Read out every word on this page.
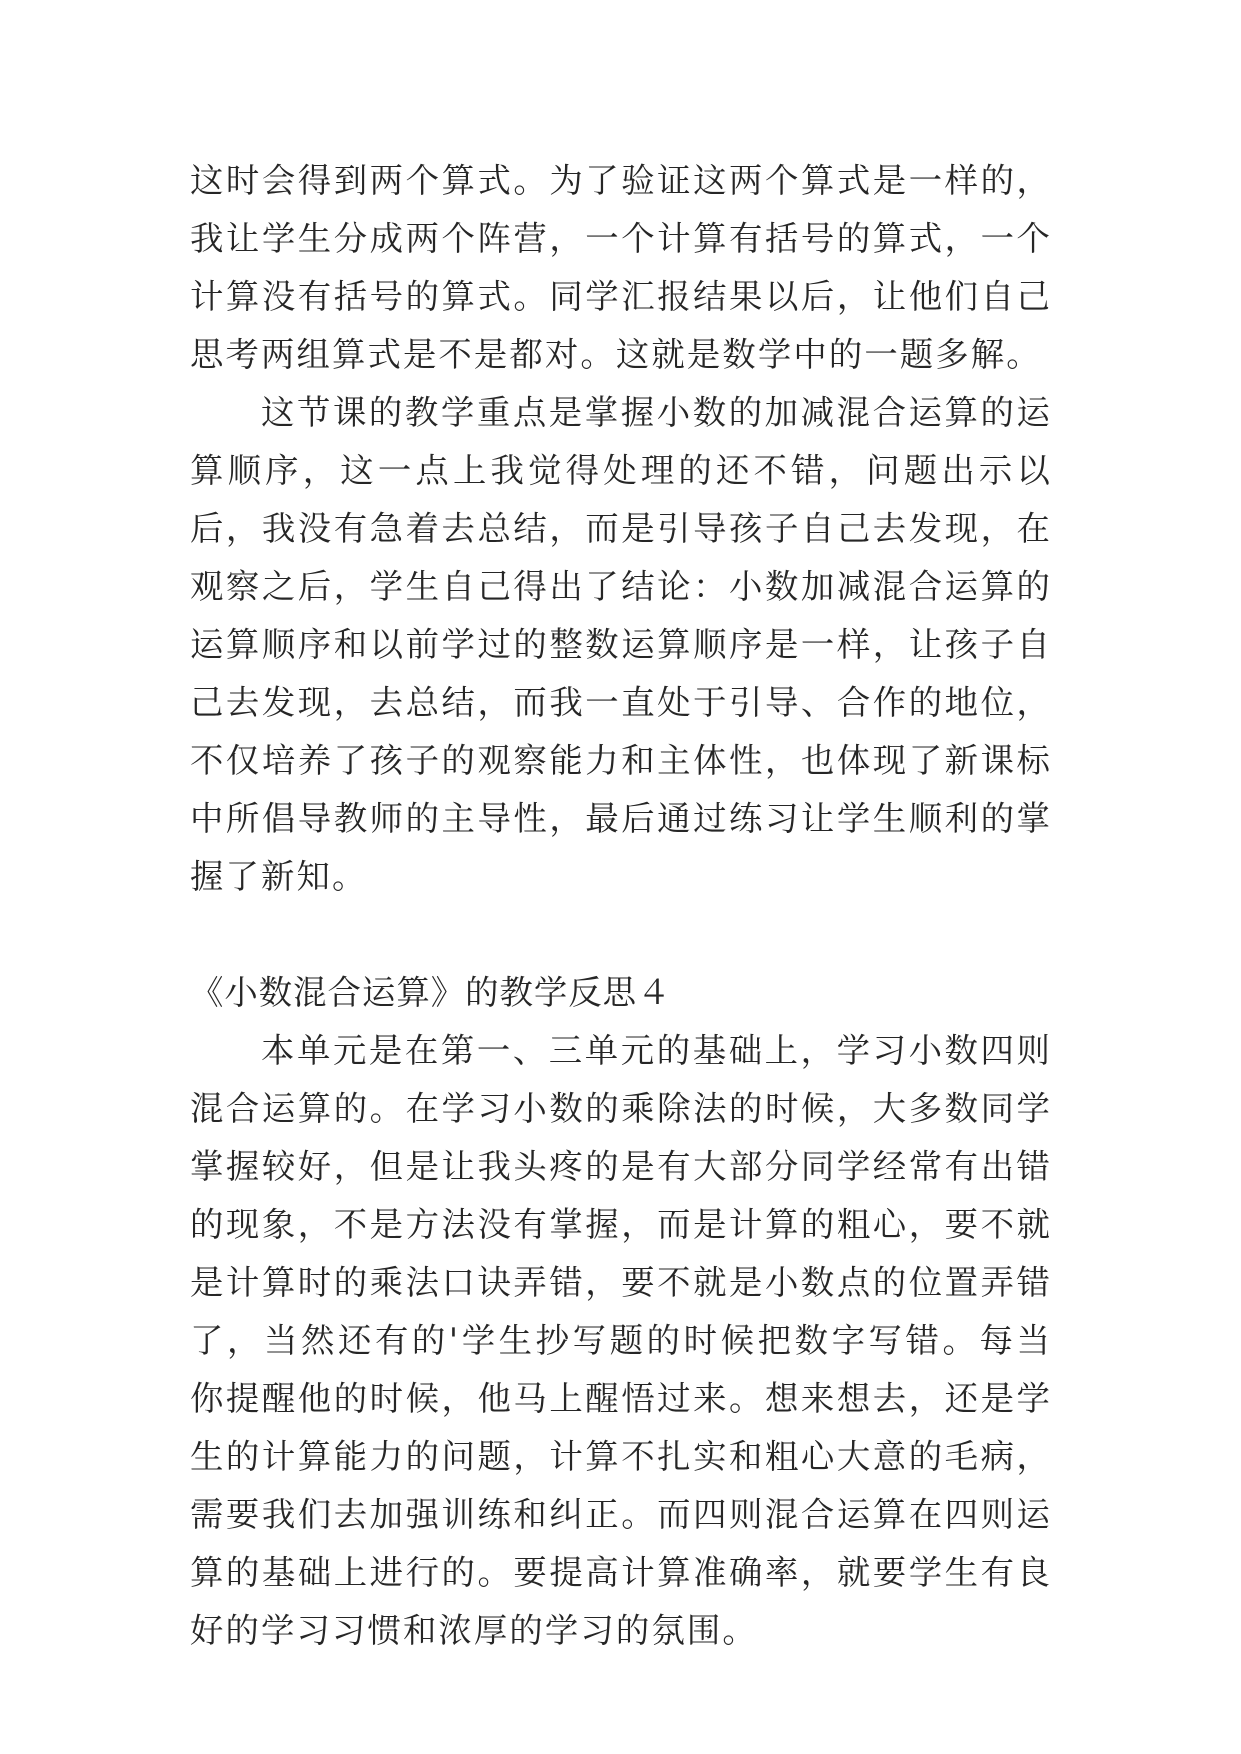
这时会得到两个算式。为了验证这两个算式是一样的，我让学生分成两个阵营，一个计算有括号的算式，一个计算没有括号的算式。同学汇报结果以后，让他们自己思考两组算式是不是都对。这就是数学中的一题多解。

这节课的教学重点是掌握小数的加减混合运算的运算顺序，这一点上我觉得处理的还不错，问题出示以后，我没有急着去总结，而是引导孩子自己去发现，在观察之后，学生自己得出了结论：小数加减混合运算的运算顺序和以前学过的整数运算顺序是一样，让孩子自己去发现，去总结，而我一直处于引导、合作的地位，不仅培养了孩子的观察能力和主体性，也体现了新课标中所倡导教师的主导性，最后通过练习让学生顺利的掌握了新知。

《小数混合运算》的教学反思４

本单元是在第一、三单元的基础上，学习小数四则混合运算的。在学习小数的乘除法的时候，大多数同学掌握较好，但是让我头疼的是有大部分同学经常有出错的现象，不是方法没有掌握，而是计算的粗心，要不就是计算时的乘法口诀弄错，要不就是小数点的位置弄错了，当然还有的'学生抄写题的时候把数字写错。每当你提醒他的时候，他马上醒悟过来。想来想去，还是学生的计算能力的问题，计算不扎实和粗心大意的毛病，需要我们去加强训练和纠正。而四则混合运算在四则运算的基础上进行的。要提高计算准确率，就要学生有良好的学习习惯和浓厚的学习的氛围。
